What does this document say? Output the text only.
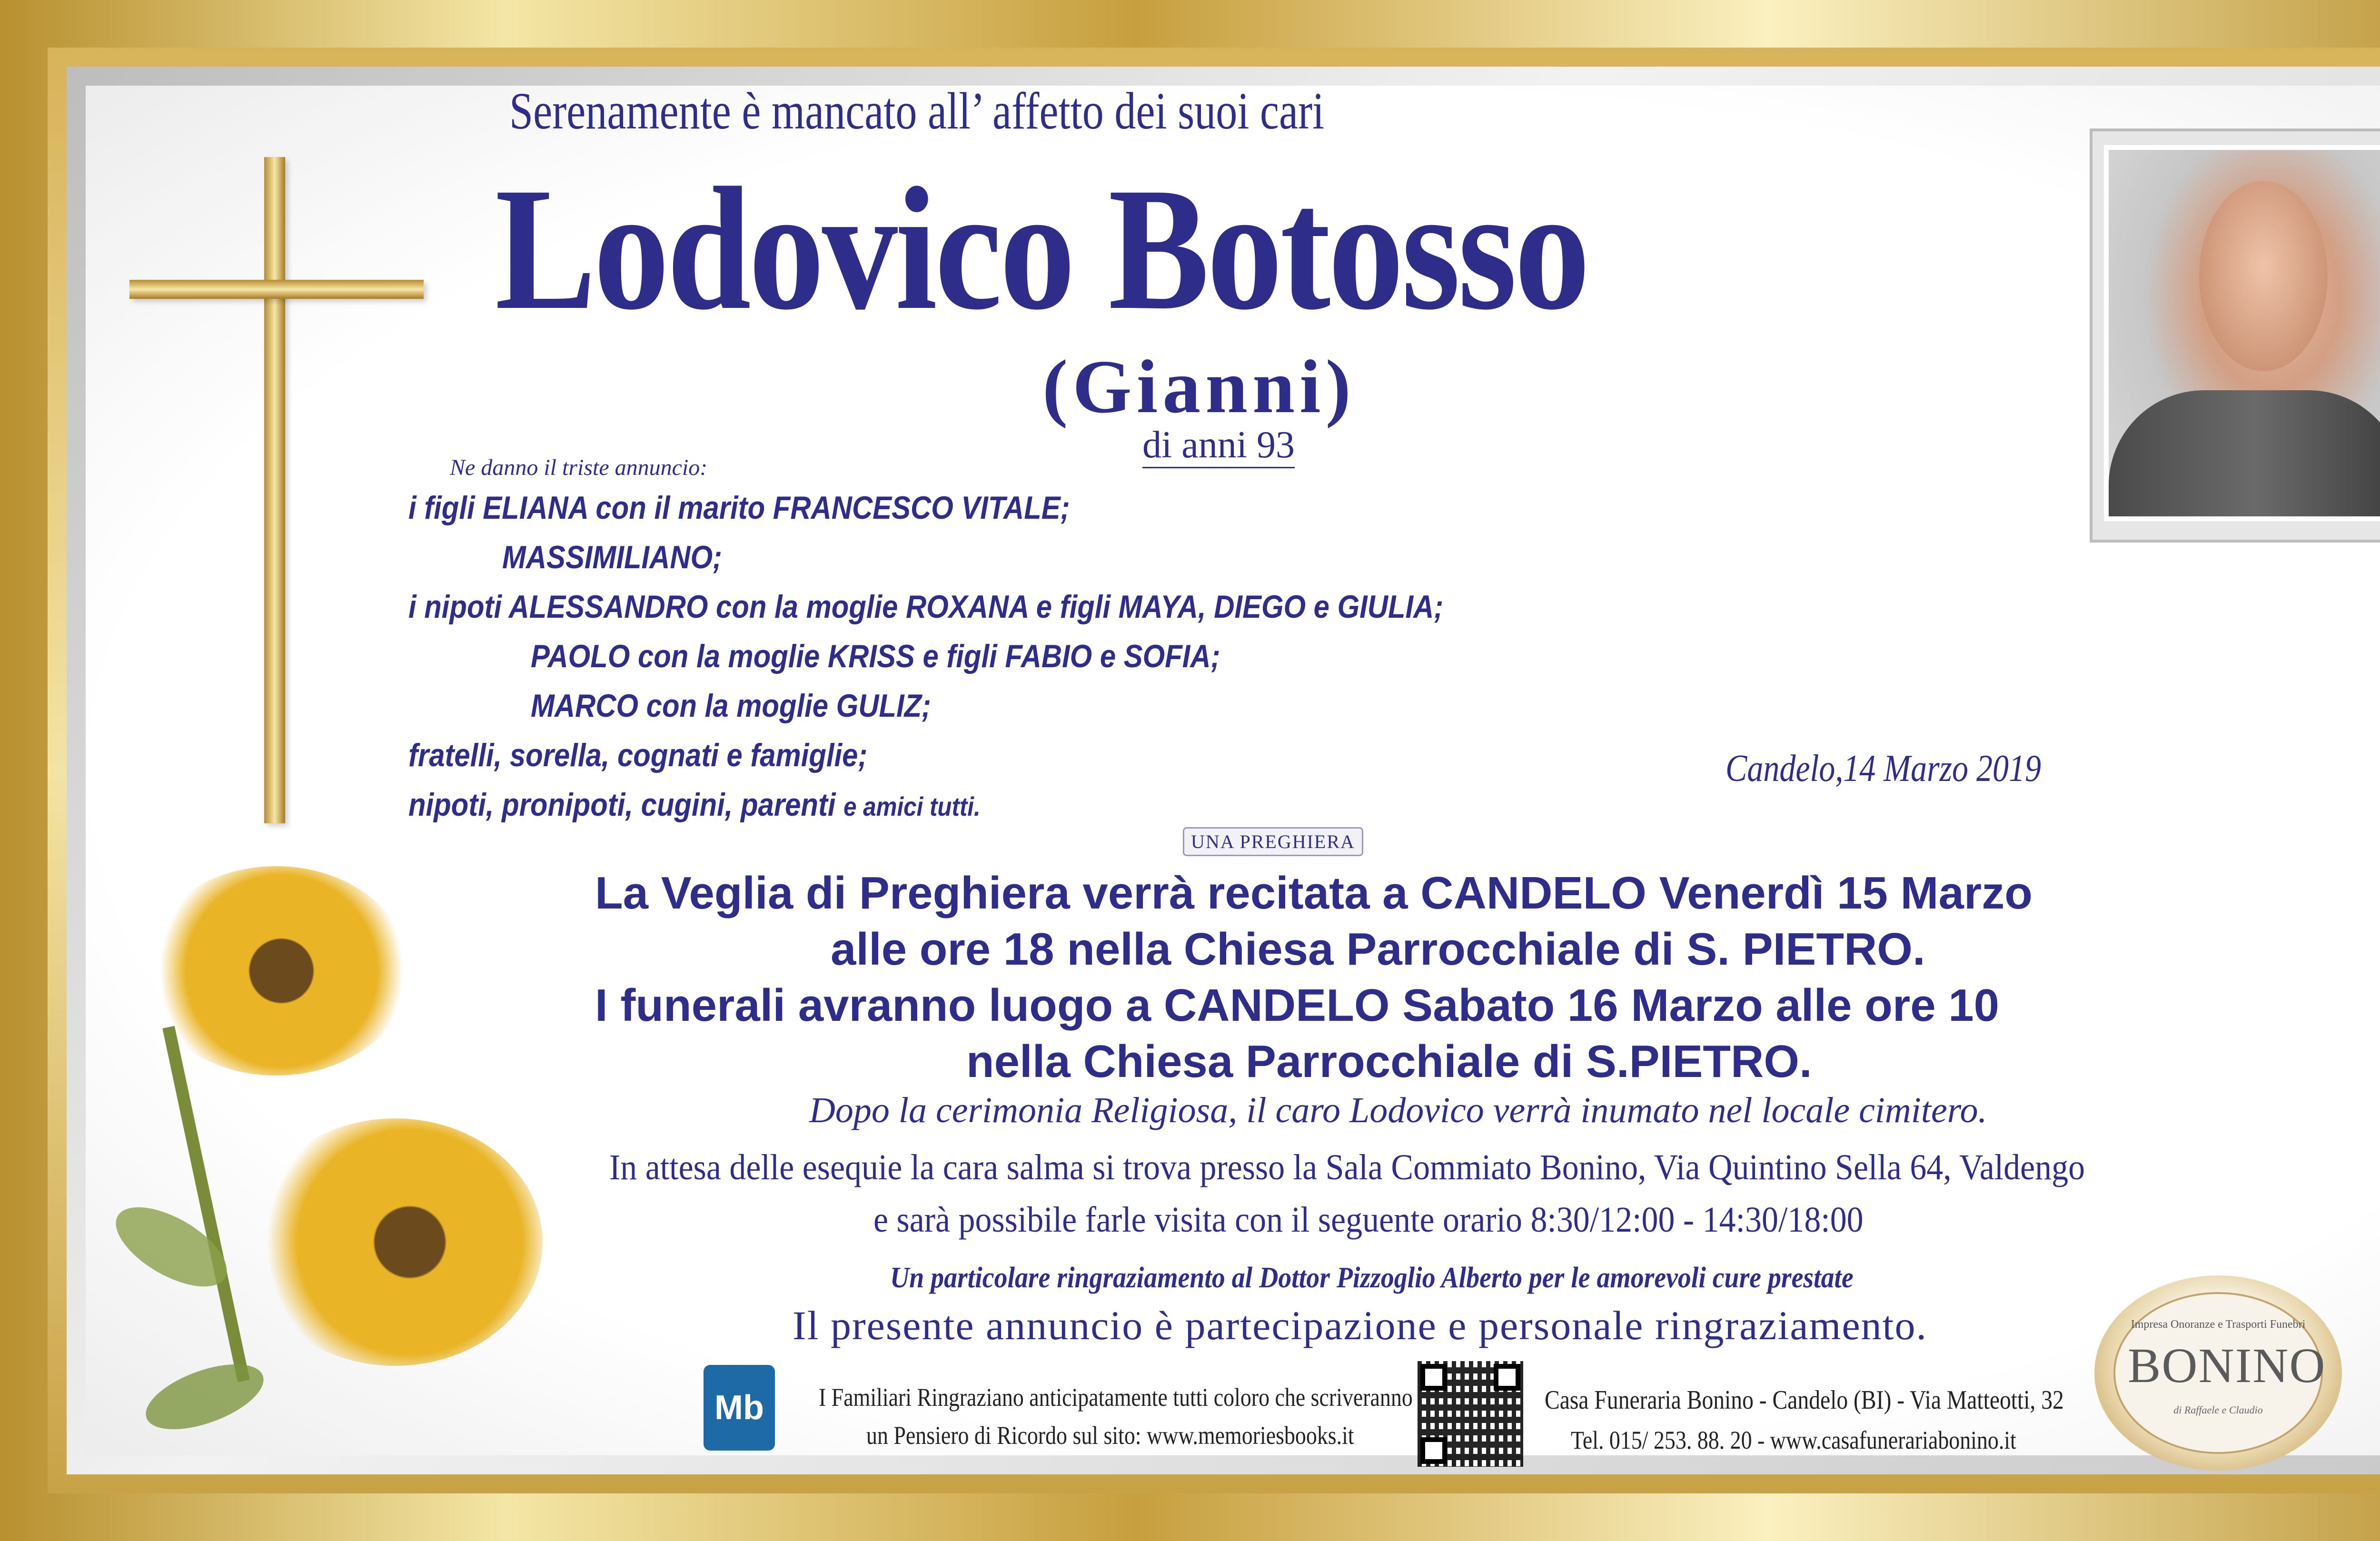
Serenamente è mancato all’ affetto dei suoi cari
Lodovico Botosso
(Gianni)
di anni 93
Ne danno il triste annuncio:
i figli ELIANA con il marito FRANCESCO VITALE;
MASSIMILIANO;
i nipoti ALESSANDRO con la moglie ROXANA e figli MAYA, DIEGO e GIULIA;
PAOLO con la moglie KRISS e figli FABIO e SOFIA;
MARCO con la moglie GULIZ;
fratelli, sorella, cognati e famiglie;
nipoti, pronipoti, cugini, parenti e amici tutti.
Candelo,14 Marzo 2019
UNA PREGHIERA
La Veglia di Preghiera verrà recitata a CANDELO Venerdì 15 Marzo
alle ore 18 nella Chiesa Parrocchiale di S. PIETRO.
I funerali avranno luogo a CANDELO Sabato 16 Marzo alle ore 10
nella Chiesa Parrocchiale di S.PIETRO.
Dopo la cerimonia Religiosa, il caro Lodovico verrà inumato nel locale cimitero.
In attesa delle esequie la cara salma si trova presso la Sala Commiato Bonino, Via Quintino Sella 64, Valdengo
e sarà possibile farle visita con il seguente orario 8:30/12:00 - 14:30/18:00
Un particolare ringraziamento al Dottor Pizzoglio Alberto per le amorevoli cure prestate
Il presente annuncio è partecipazione e personale ringraziamento.
Mb	I Familiari Ringraziano anticipatamente tutti coloro che scriveranno
un Pensiero di Ricordo sul sito: www.memoriesbooks.it
Casa Funeraria Bonino - Candelo (BI) - Via Matteotti, 32
Tel. 015/ 253. 88. 20 - www.casafunerariabonino.it
Impresa Onoranze e Trasporti Funebri
BONINO
di Raffaele e Claudio
